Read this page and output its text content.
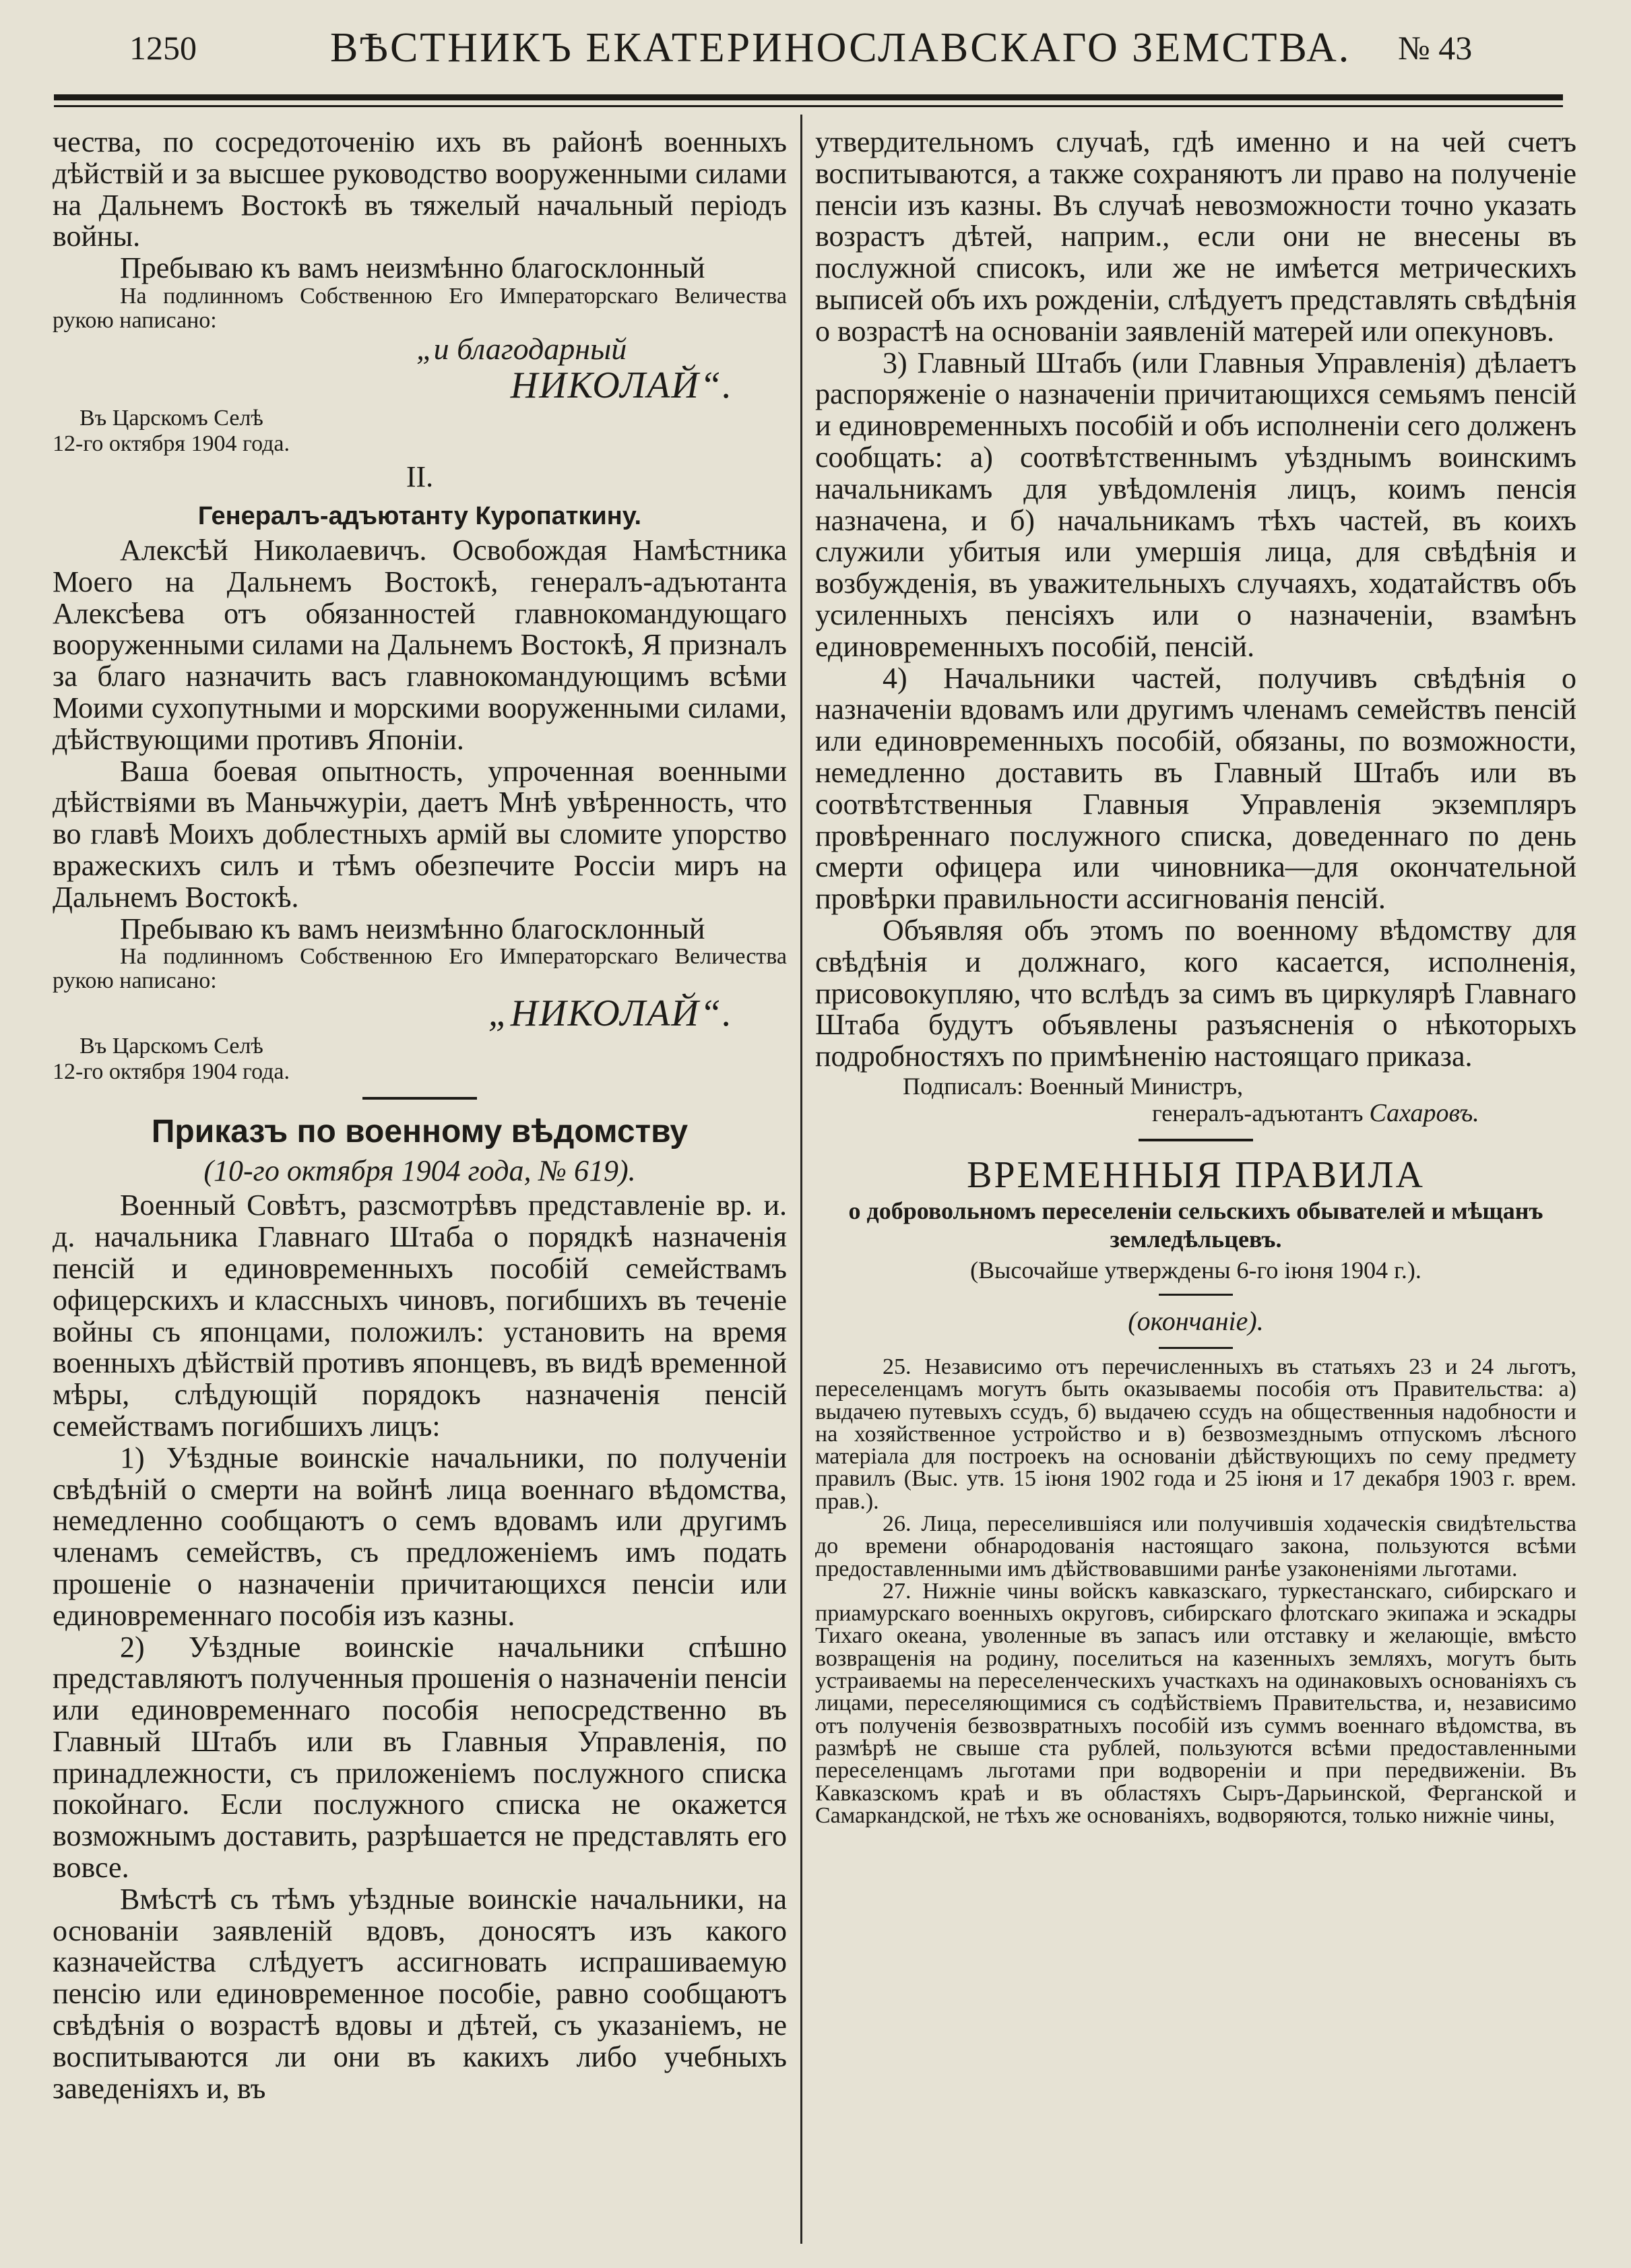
1250	ВѢСТНИКЪ ЕКАТЕРИНОСЛАВСКАГО ЗЕМСТВА. № 43

чества, по сосредоточенію ихъ въ районѣ военныхъ дѣйствій и за высшее руководство вооруженными силами на Дальнемъ Востокѣ въ тяжелый начальный періодъ войны.

Пребываю къ вамъ неизмѣнно благосклонный

На подлинномъ Собственною Его Императорскаго Величества рукою написано:

„и благодарный
НИКОЛАЙ“.
Въ Царскомъ Селѣ
12-го октября 1904 года.
II.
Генералъ-адъютанту Куропаткину.

Алексѣй Николаевичъ. Освобождая Намѣстника Моего на Дальнемъ Востокѣ, генералъ-адъютанта Алексѣева отъ обязанностей главнокомандующаго вооруженными силами на Дальнемъ Востокѣ, Я призналъ за благо назначить васъ главнокомандующимъ всѣми Моими сухопутными и морскими вооруженными силами, дѣйствующими противъ Японіи.

Ваша боевая опытность, упроченная военными дѣйствіями въ Маньчжуріи, даетъ Мнѣ увѣренность, что во главѣ Моихъ доблестныхъ армій вы сломите упорство вражескихъ силъ и тѣмъ обезпечите Россіи миръ на Дальнемъ Востокѣ.

Пребываю къ вамъ неизмѣнно благосклонный

На подлинномъ Собственною Его Императорскаго Величества рукою написано:

„НИКОЛАЙ“.
Въ Царскомъ Селѣ
12-го октября 1904 года.
Приказъ по военному вѣдомству
(10-го октября 1904 года, № 619).

Военный Совѣтъ, разсмотрѣвъ представленіе вр. и. д. начальника Главнаго Штаба о порядкѣ назначенія пенсій и единовременныхъ пособій семействамъ офицерскихъ и классныхъ чиновъ, погибшихъ въ теченіе войны съ японцами, положилъ: установить на время военныхъ дѣйствій противъ японцевъ, въ видѣ временной мѣры, слѣдующій порядокъ назначенія пенсій семействамъ погибшихъ лицъ:

1) Уѣздные воинскіе начальники, по полученіи свѣдѣній о смерти на войнѣ лица военнаго вѣдомства, немедленно сообщаютъ о семъ вдовамъ или другимъ членамъ семействъ, съ предложеніемъ имъ подать прошеніе о назначеніи причитающихся пенсіи или единовременнаго пособія изъ казны.

2) Уѣздные воинскіе начальники спѣшно представляютъ полученныя прошенія о назначеніи пенсіи или единовременнаго пособія непосредственно въ Главный Штабъ или въ Главныя Управленія, по принадлежности, съ приложеніемъ послужного списка покойнаго. Если послужного списка не окажется возможнымъ доставить, разрѣшается не представлять его вовсе.

Вмѣстѣ съ тѣмъ уѣздные воинскіе начальники, на основаніи заявленій вдовъ, доносятъ изъ какого казначейства слѣдуетъ ассигновать испрашиваемую пенсію или единовременное пособіе, равно сообщаютъ свѣдѣнія о возрастѣ вдовы и дѣтей, съ указаніемъ, не воспитываются ли они въ какихъ либо учебныхъ заведеніяхъ и, въ

утвердительномъ случаѣ, гдѣ именно и на чей счетъ воспитываются, а также сохраняютъ ли право на полученіе пенсіи изъ казны. Въ случаѣ невозможности точно указать возрастъ дѣтей, наприм., если они не внесены въ послужной списокъ, или же не имѣется метрическихъ выписей объ ихъ рожденіи, слѣдуетъ представлять свѣдѣнія о возрастѣ на основаніи заявленій матерей или опекуновъ.

3) Главный Штабъ (или Главныя Управленія) дѣлаетъ распоряженіе о назначеніи причитающихся семьямъ пенсій и единовременныхъ пособій и объ исполненіи сего долженъ сообщать: а) соотвѣтственнымъ уѣзднымъ воинскимъ начальникамъ для увѣдомленія лицъ, коимъ пенсія назначена, и б) начальникамъ тѣхъ частей, въ коихъ служили убитыя или умершія лица, для свѣдѣнія и возбужденія, въ уважительныхъ случаяхъ, ходатайствъ объ усиленныхъ пенсіяхъ или о назначеніи, взамѣнъ единовременныхъ пособій, пенсій.

4) Начальники частей, получивъ свѣдѣнія о назначеніи вдовамъ или другимъ членамъ семействъ пенсій или единовременныхъ пособій, обязаны, по возможности, немедленно доставить въ Главный Штабъ или въ соотвѣтственныя Главныя Управленія экземпляръ провѣреннаго послужного списка, доведеннаго по день смерти офицера или чиновника—для окончательной провѣрки правильности ассигнованія пенсій.

Объявляя объ этомъ по военному вѣдомству для свѣдѣнія и должнаго, кого касается, исполненія, присовокупляю, что вслѣдъ за симъ въ циркулярѣ Главнаго Штаба будутъ объявлены разъясненія о нѣкоторыхъ подробностяхъ по примѣненію настоящаго приказа.

Подписалъ: Военный Министръ,
генералъ-адъютантъ Сахаровъ.
ВРЕМЕННЫЯ ПРАВИЛА
о добровольномъ переселеніи сельскихъ обывателей и мѣщанъ земледѣльцевъ.
(Высочайше утверждены 6-го іюня 1904 г.).
(окончаніе).

25. Независимо отъ перечисленныхъ въ статьяхъ 23 и 24 льготъ, переселенцамъ могутъ быть оказываемы пособія отъ Правительства: а) выдачею путевыхъ ссудъ, б) выдачею ссудъ на общественныя надобности и на хозяйственное устройство и в) безвозмезднымъ отпускомъ лѣсного матеріала для построекъ на основаніи дѣйствующихъ по сему предмету правилъ (Выс. утв. 15 іюня 1902 года и 25 іюня и 17 декабря 1903 г. врем. прав.).

26. Лица, переселившіяся или получившія ходаческія свидѣтельства до времени обнародованія настоящаго закона, пользуются всѣми предоставленными имъ дѣйствовавшими ранѣе узаконеніями льготами.

27. Нижніе чины войскъ кавказскаго, туркестанскаго, сибирскаго и приамурскаго военныхъ округовъ, сибирскаго флотскаго экипажа и эскадры Тихаго океана, уволенные въ запасъ или отставку и желающіе, вмѣсто возвращенія на родину, поселиться на казенныхъ земляхъ, могутъ быть устраиваемы на переселенческихъ участкахъ на одинаковыхъ основаніяхъ съ лицами, переселяющимися съ содѣйствіемъ Правительства, и, независимо отъ полученія безвозвратныхъ пособій изъ суммъ военнаго вѣдомства, въ размѣрѣ не свыше ста рублей, пользуются всѣми предоставленными переселенцамъ льготами при водвореніи и при передвиженіи. Въ Кавказскомъ краѣ и въ областяхъ Сыръ-Дарьинской, Ферганской и Самаркандской, не тѣхъ же основаніяхъ, водворяются, только нижніе чины,
